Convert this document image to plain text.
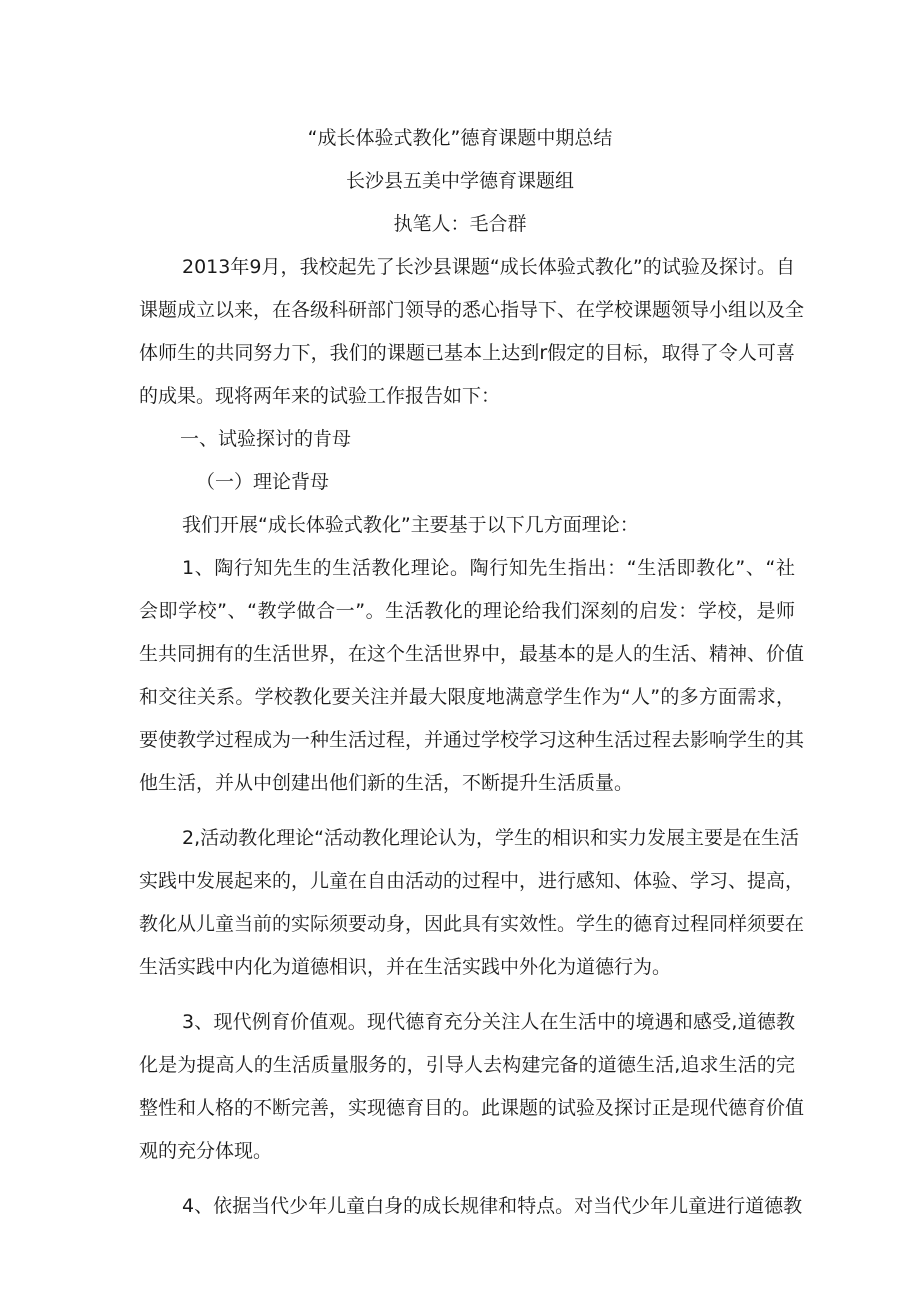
“成长体验式教化”德育课题中期总结
长沙县五美中学德育课题组
执笔人：毛合群
2013年9月，我校起先了长沙县课题“成长体验式教化”的试验及探讨。自
课题成立以来，在各级科研部门领导的悉心指导下、在学校课题领导小组以及全
体师生的共同努力下，我们的课题已基本上达到r假定的目标，取得了令人可喜
的成果。现将两年来的试验工作报告如下：
一、试验探讨的肯母
（一）理论背母
我们开展“成长体验式教化”主要基于以下几方面理论：
1、陶行知先生的生活教化理论。陶行知先生指出：“生活即教化”、“社
会即学校”、“教学做合一”。生活教化的理论给我们深刻的启发：学校，是师
生共同拥有的生活世界，在这个生活世界中，最基本的是人的生活、精神、价值
和交往关系。学校教化要关注并最大限度地满意学生作为“人”的多方面需求，
要使教学过程成为一种生活过程，并通过学校学习这种生活过程去影响学生的其
他生活，并从中创建出他们新的生活，不断提升生活质量。
2,活动教化理论“活动教化理论认为，学生的相识和实力发展主要是在生活
实践中发展起来的，儿童在自由活动的过程中，进行感知、体验、学习、提高，
教化从儿童当前的实际须要动身，因此具有实效性。学生的德育过程同样须要在
生活实践中内化为道德相识，并在生活实践中外化为道德行为。
3、现代例育价值观。现代德育充分关注人在生活中的境遇和感受,道德教
化是为提高人的生活质量服务的，引导人去构建完备的道德生活,追求生活的完
整性和人格的不断完善，实现德育目的。此课题的试验及探讨正是现代德育价值
观的充分体现。
4、依据当代少年儿童白身的成长规律和特点。对当代少年儿童进行道德教
